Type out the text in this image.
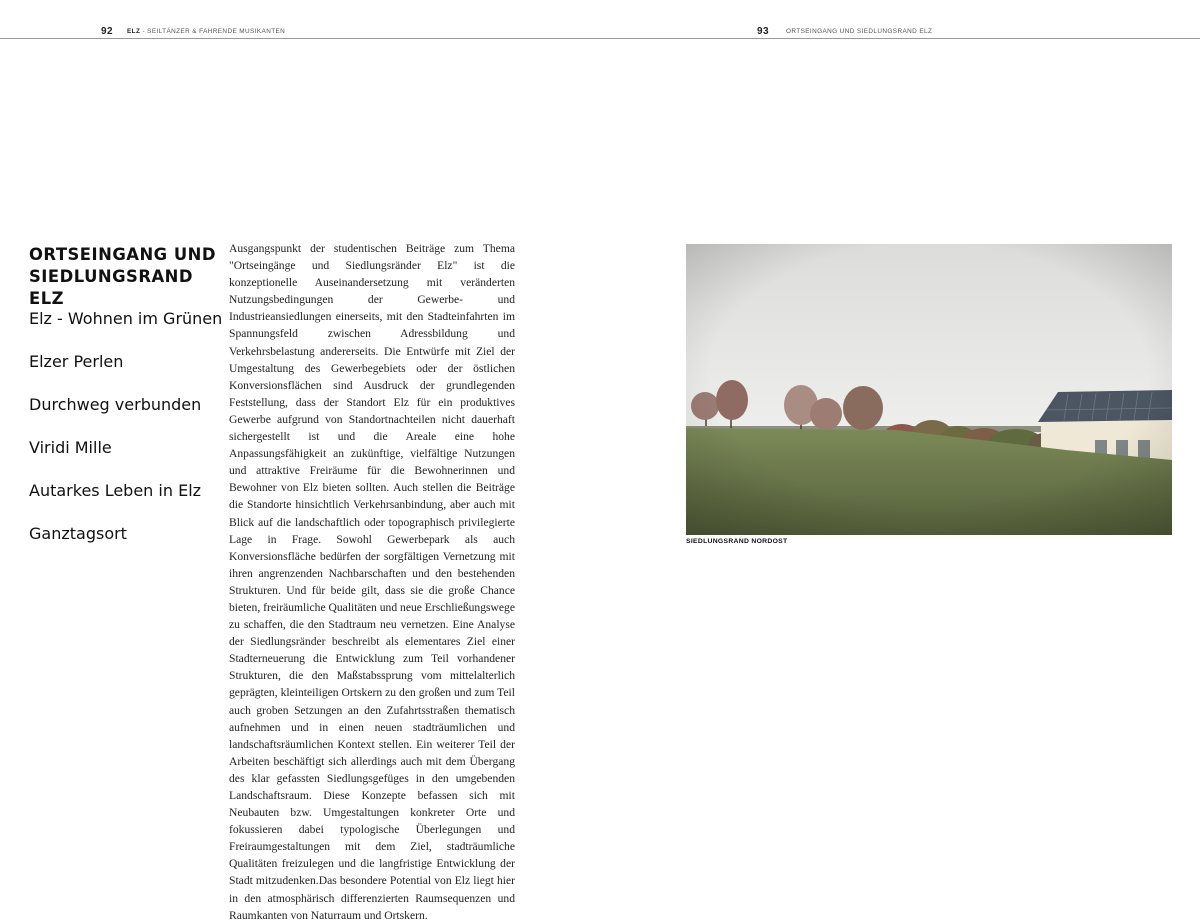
92 ELZ - SEILTÄNZER & FAHRENDE MUSIKANTEN	93	ORTSEINGANG UND SIEDLUNGSRAND ELZ
ORTSEINGANG UND SIEDLUNGSRAND ELZ
Elz - Wohnen im Grünen
Elzer Perlen
Durchweg verbunden
Viridi Mille
Autarkes Leben in Elz
Ganztagsort

Ausgangspunkt der studentischen Beiträge zum Thema "Ortseingänge und Siedlungsränder Elz" ist die konzeptionelle Auseinandersetzung mit veränderten Nutzungsbedingungen der Gewerbe- und Industrieansiedlungen einerseits, mit den Stadteinfahrten im Spannungsfeld zwischen Adressbildung und Verkehrsbelastung andererseits. Die Entwürfe mit Ziel der Umgestaltung des Gewerbegebiets oder der östlichen Konversionsflächen sind Ausdruck der grundlegenden Feststellung, dass der Standort Elz für ein produktives Gewerbe aufgrund von Standortnachteilen nicht dauerhaft sichergestellt ist und die Areale eine hohe Anpassungsfähigkeit an zukünftige, vielfältige Nutzungen und attraktive Freiräume für die Bewohnerinnen und Bewohner von Elz bieten sollten. Auch stellen die Beiträge die Standorte hinsichtlich Verkehrsanbindung, aber auch mit Blick auf die landschaftlich oder topographisch privilegierte Lage in Frage. Sowohl Gewerbepark als auch Konversionsfläche bedürfen der sorgfältigen Vernetzung mit ihren angrenzenden Nachbarschaften und den bestehenden Strukturen. Und für beide gilt, dass sie die große Chance bieten, freiräumliche Qualitäten und neue Erschließungswege zu schaffen, die den Stadtraum neu vernetzen. Eine Analyse der Siedlungsränder beschreibt als elementares Ziel einer Stadterneuerung die Entwicklung zum Teil vorhandener Strukturen, die den Maßstabssprung vom mittelalterlich geprägten, kleinteiligen Ortskern zu den großen und zum Teil auch groben Setzungen an den Zufahrtsstraßen thematisch aufnehmen und in einen neuen stadträumlichen und landschaftsräumlichen Kontext stellen. Ein weiterer Teil der Arbeiten beschäftigt sich allerdings auch mit dem Übergang des klar gefassten Siedlungsgefüges in den umgebenden Landschaftsraum. Diese Konzepte befassen sich mit Neubauten bzw. Umgestaltungen konkreter Orte und fokussieren dabei typologische Überlegungen und Freiraumgestaltungen mit dem Ziel, stadträumliche Qualitäten freizulegen und die langfristige Entwicklung der Stadt mitzudenken.Das besondere Potential von Elz liegt hier in den atmosphärisch differenzierten Raumsequenzen und Raumkanten von Naturraum und Ortskern.

SIEDLUNGSRAND NORDOST
